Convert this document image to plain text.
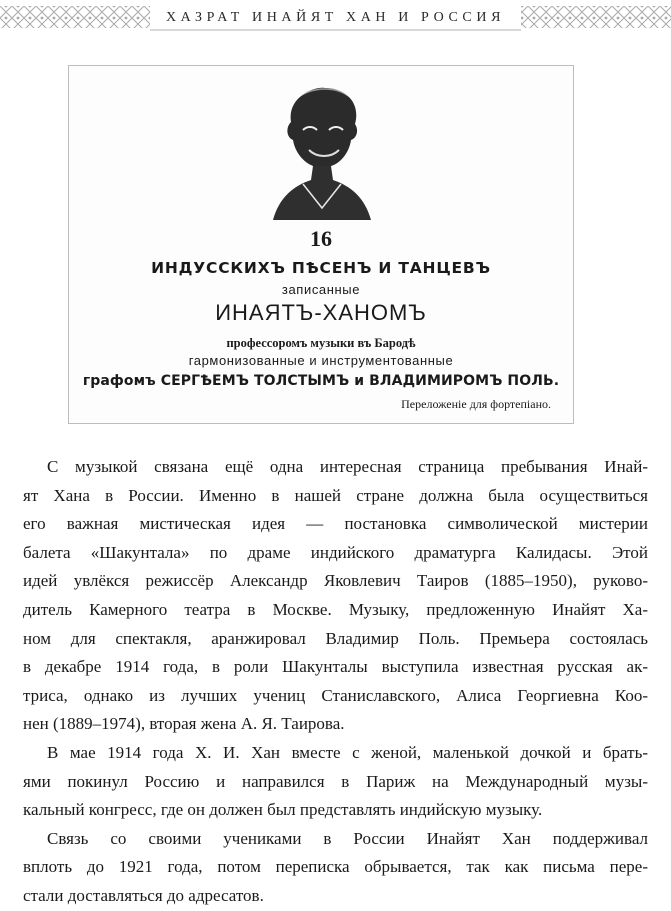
ХАЗРАТ ИНАЙЯТ ХАН И РОССИЯ
16
ИНДУССКИХЪ ПѢСЕНЪ И ТАНЦЕВЪ
записанные
ИНАЯТЪ-ХАНОМЪ
профессоромъ музыки въ Бародѣ
гармонизованные и инструментованные
графомъ СЕРГѢЕМЪ ТОЛСТЫМЪ и ВЛАДИМИРОМЪ ПОЛЬ.
Переложеніе для фортепіано.
С музыкой связана ещё одна интересная страница пребывания Инай-
ят Хана в России. Именно в нашей стране должна была осуществиться
его важная мистическая идея — постановка символической мистерии
балета «Шакунтала» по драме индийского драматурга Калидасы. Этой
идей увлёкся режиссёр Александр Яковлевич Таиров (1885–1950), руково-
дитель Камерного театра в Москве. Музыку, предложенную Инайят Ха-
ном для спектакля, аранжировал Владимир Поль. Премьера состоялась
в декабре 1914 года, в роли Шакунталы выступила известная русская ак-
триса, однако из лучших учениц Станиславского, Алиса Георгиевна Коо-
нен (1889–1974), вторая жена А. Я. Таирова.
В мае 1914 года Х. И. Хан вместе с женой, маленькой дочкой и брать-
ями покинул Россию и направился в Париж на Международный музы-
кальный конгресс, где он должен был представлять индийскую музыку.
Связь со своими учениками в России Инайят Хан поддерживал
вплоть до 1921 года, потом переписка обрывается, так как письма пере-
стали доставляться до адресатов.
